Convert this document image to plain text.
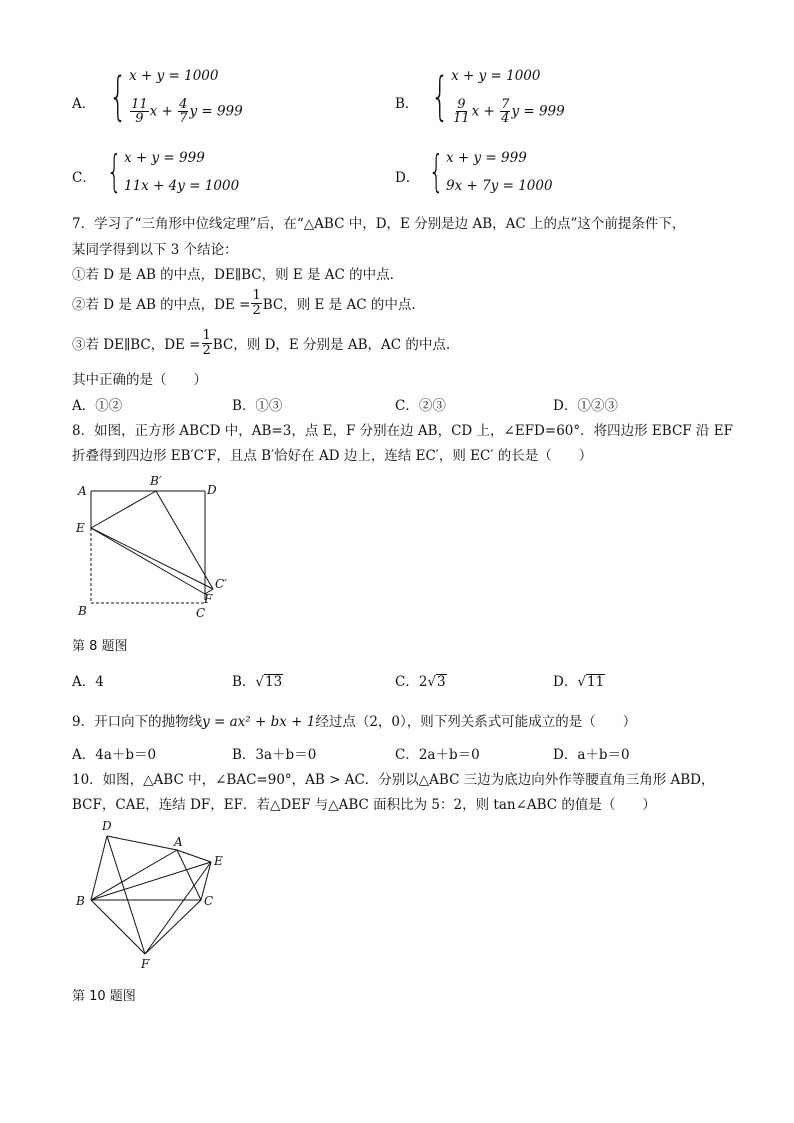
A． { x + y = 1000
$\frac{11}{9}$ $x + \frac{4}{7}$ y = 999	B． { x + y = 1000
$\frac{9}{11}$ $x + \frac{7}{4}$ y = 999
C． { x + y = 999
11x + 4y = 1000	D． { x + y = 999
9x + 7y = 1000
7．学习了“三角形中位线定理”后，在“△ABC 中，D，E 分别是边 AB，AC 上的点”这个前提条件下，
某同学得到以下 3 个结论：
①若 D 是 AB 的中点，DE∥BC，则 E 是 AC 的中点.
②若 D 是 AB 的中点，DE = $\frac{1}{2}$ BC，则 E 是 AC 的中点.
③若 DE∥BC，DE = $\frac{1}{2}$ BC，则 D，E 分别是 AB，AC 的中点.
其中正确的是（　　）
A．①②	B．①③	C．②③	D．①②③
8．如图，正方形 ABCD 中，AB=3，点 E，F 分别在边 AB，CD 上，∠EFD=60°．将四边形 EBCF 沿 EF
折叠得到四边形 EB′C′F，且点 B′恰好在 AD 边上，连结 EC′，则 EC′ 的长是（　　）
A
B′
D
E
C′
F
B	C
第 8 题图
A．4	B．√13	C．2√3	D．√11
9．开口向下的抛物线y = ax² + bx + 1经过点（2，0），则下列关系式可能成立的是（　　）
A．4a＋b＝0	B．3a＋b＝0	C．2a＋b＝0	D．a＋b＝0
10．如图，△ABC 中，∠BAC=90°，AB > AC．分别以△ABC 三边为底边向外作等腰直角三角形 ABD，
BCF，CAE，连结 DF，EF．若△DEF 与△ABC 面积比为 5：2，则 tan∠ABC 的值是（　　）
D
A
E
B	C
F
第 10 题图
